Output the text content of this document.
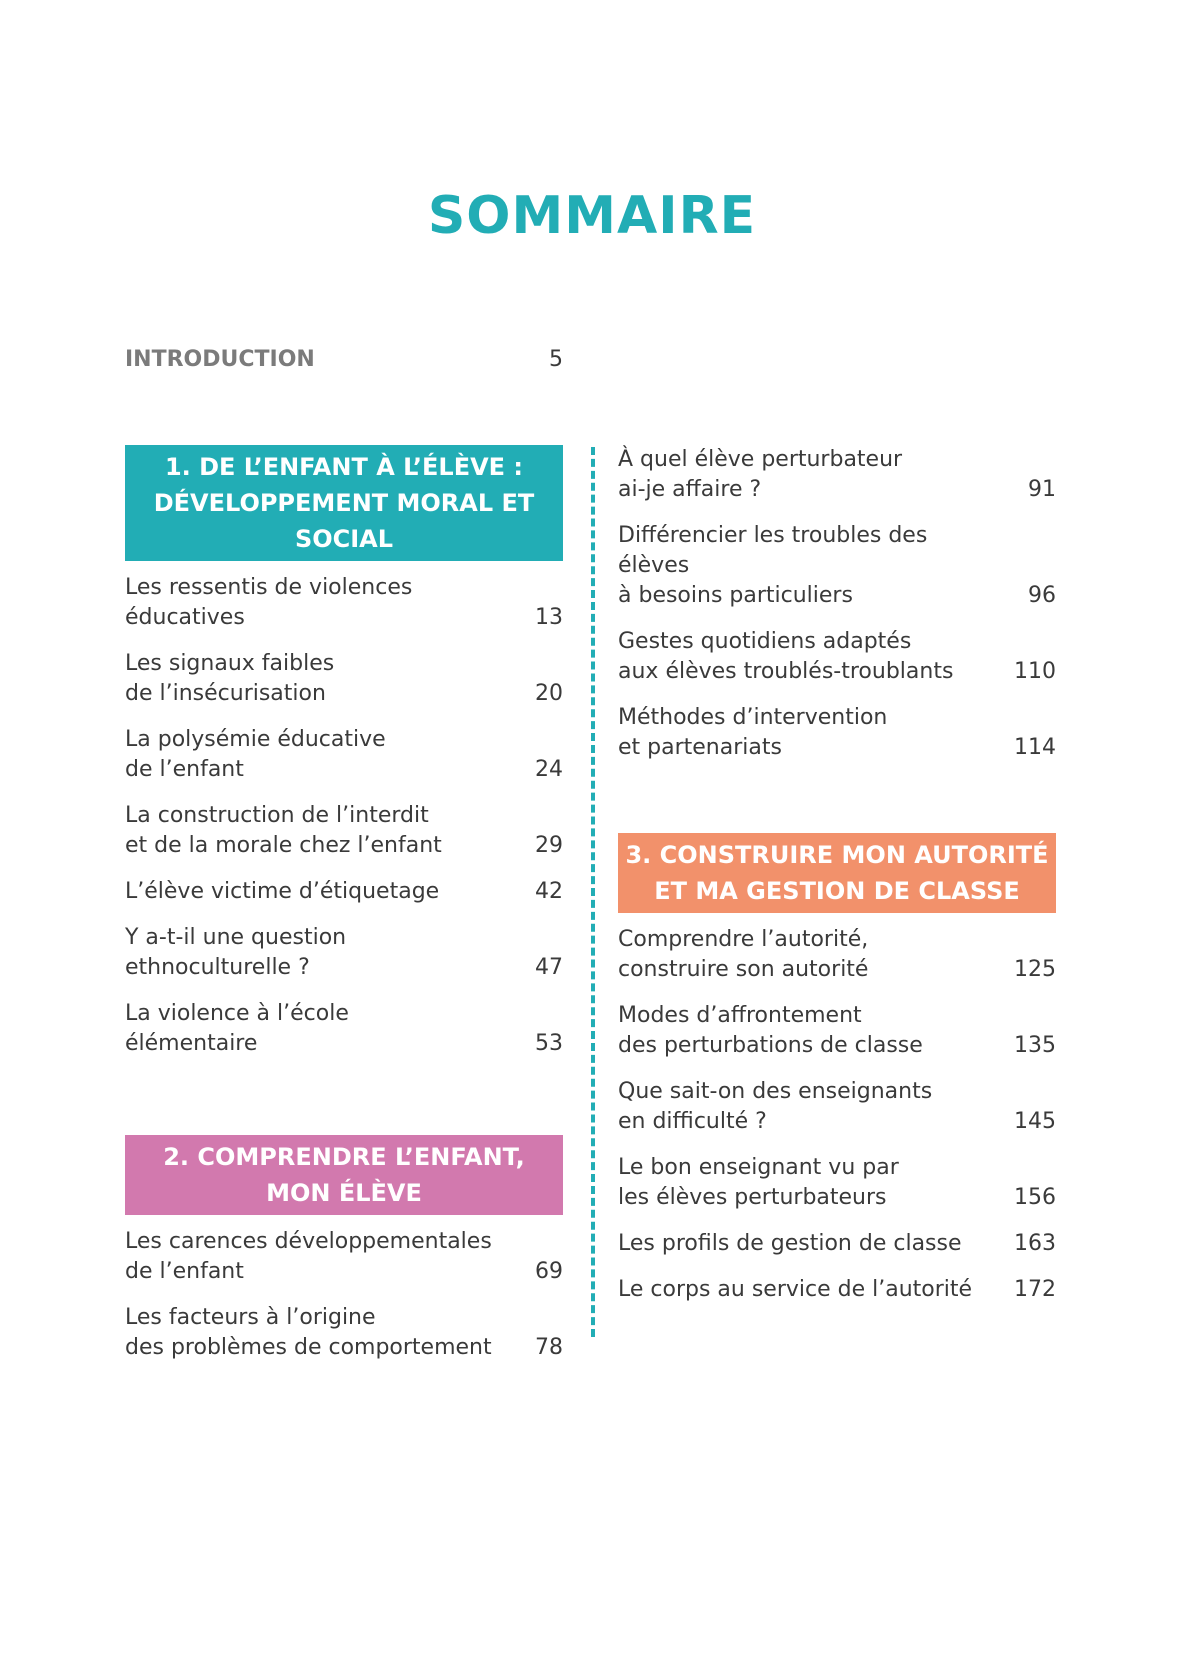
SOMMAIRE
INTRODUCTION	5
1. DE L’ENFANT À L’ÉLÈVE :
DÉVELOPPEMENT MORAL ET SOCIAL
Les ressentis de violences
éducatives	13
Les signaux faibles
de l’insécurisation	20
La polysémie éducative
de l’enfant	24
La construction de l’interdit
et de la morale chez l’enfant	29
L’élève victime d’étiquetage	42
Y a-t-il une question
ethnoculturelle ?	47
La violence à l’école
élémentaire	53
2. COMPRENDRE L’ENFANT,
MON ÉLÈVE
Les carences développementales
de l’enfant	69
Les facteurs à l’origine
des problèmes de comportement	78
À quel élève perturbateur
ai-je affaire ?	91
Différencier les troubles des élèves
à besoins particuliers	96
Gestes quotidiens adaptés
aux élèves troublés-troublants	110
Méthodes d’intervention
et partenariats	114
3. CONSTRUIRE MON AUTORITÉ
ET MA GESTION DE CLASSE
Comprendre l’autorité,
construire son autorité	125
Modes d’affrontement
des perturbations de classe	135
Que sait-on des enseignants
en difficulté ?	145
Le bon enseignant vu par
les élèves perturbateurs	156
Les profils de gestion de classe	163
Le corps au service de l’autorité	172
